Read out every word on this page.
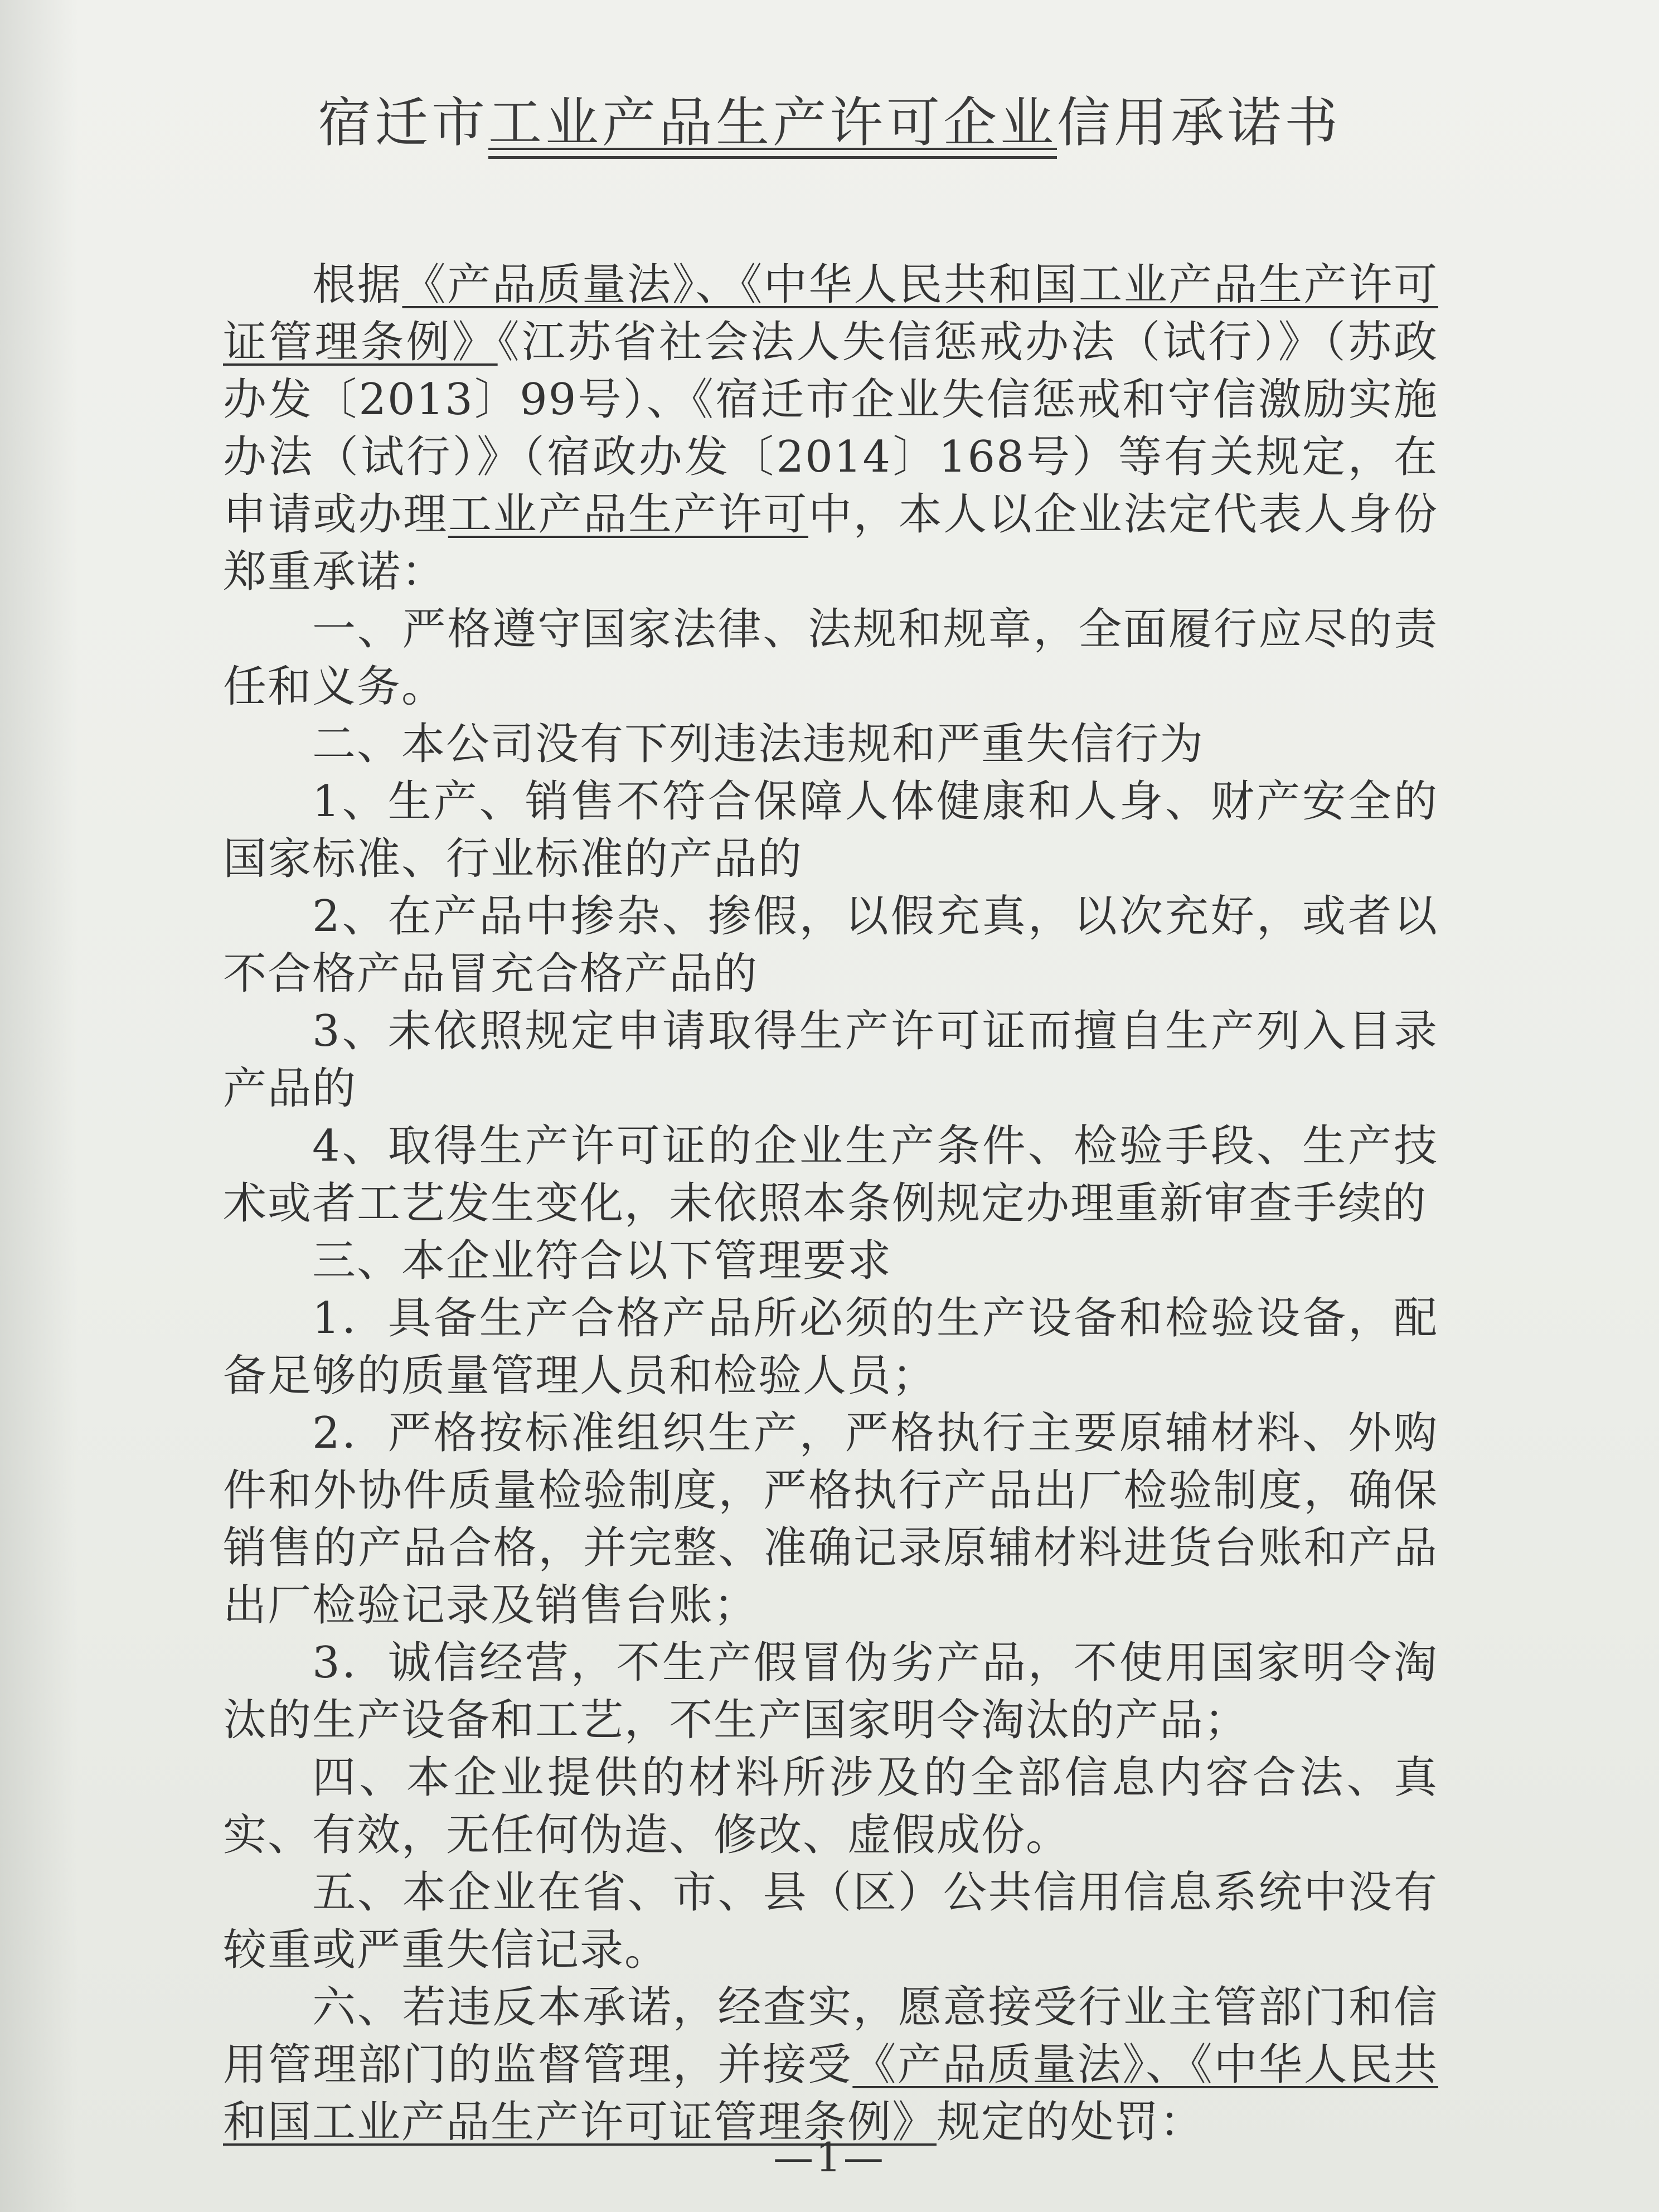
宿迁市工业产品生产许可企业信用承诺书

根据《产品质量法》、《中华人民共和国工业产品生产许可证管理条例》《江苏省社会法人失信惩戒办法（试行）》（苏政办发〔2013〕99号）、《宿迁市企业失信惩戒和守信激励实施办法（试行）》（宿政办发〔2014〕168号）等有关规定，在申请或办理工业产品生产许可中，本人以企业法定代表人身份郑重承诺：

一、严格遵守国家法律、法规和规章，全面履行应尽的责任和义务。

二、本公司没有下列违法违规和严重失信行为

1、生产、销售不符合保障人体健康和人身、财产安全的国家标准、行业标准的产品的

2、在产品中掺杂、掺假，以假充真，以次充好，或者以不合格产品冒充合格产品的

3、未依照规定申请取得生产许可证而擅自生产列入目录产品的

4、取得生产许可证的企业生产条件、检验手段、生产技术或者工艺发生变化，未依照本条例规定办理重新审查手续的

三、本企业符合以下管理要求

1．具备生产合格产品所必须的生产设备和检验设备，配备足够的质量管理人员和检验人员；

2．严格按标准组织生产，严格执行主要原辅材料、外购件和外协件质量检验制度，严格执行产品出厂检验制度，确保销售的产品合格，并完整、准确记录原辅材料进货台账和产品出厂检验记录及销售台账；

3．诚信经营，不生产假冒伪劣产品，不使用国家明令淘汰的生产设备和工艺，不生产国家明令淘汰的产品；

四、本企业提供的材料所涉及的全部信息内容合法、真实、有效，无任何伪造、修改、虚假成份。

五、本企业在省、市、县（区）公共信用信息系统中没有较重或严重失信记录。

六、若违反本承诺，经查实，愿意接受行业主管部门和信用管理部门的监督管理，并接受《产品质量法》、《中华人民共和国工业产品生产许可证管理条例》规定的处罚：

—1—
